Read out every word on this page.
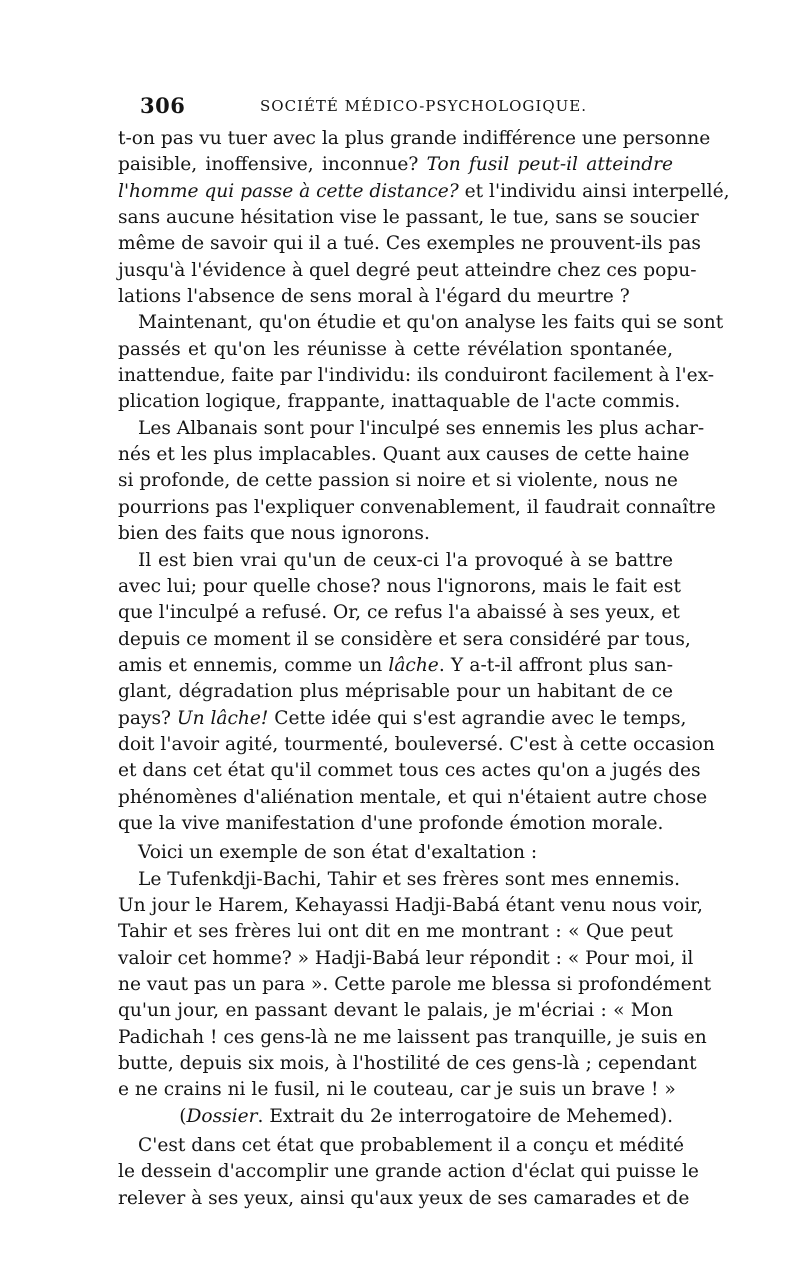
306	SOCIÉTÉ MÉDICO-PSYCHOLOGIQUE.
t-on pas vu tuer avec la plus grande indifférence une personne
paisible, inoffensive, inconnue? Ton fusil peut-il atteindre
l'homme qui passe à cette distance? et l'individu ainsi interpellé,
sans aucune hésitation vise le passant, le tue, sans se soucier
même de savoir qui il a tué. Ces exemples ne prouvent-ils pas
jusqu'à l'évidence à quel degré peut atteindre chez ces popu-
lations l'absence de sens moral à l'égard du meurtre ?
Maintenant, qu'on étudie et qu'on analyse les faits qui se sont
passés et qu'on les réunisse à cette révélation spontanée,
inattendue, faite par l'individu: ils conduiront facilement à l'ex-
plication logique, frappante, inattaquable de l'acte commis.
Les Albanais sont pour l'inculpé ses ennemis les plus achar-
nés et les plus implacables. Quant aux causes de cette haine
si profonde, de cette passion si noire et si violente, nous ne
pourrions pas l'expliquer convenablement, il faudrait connaître
bien des faits que nous ignorons.
Il est bien vrai qu'un de ceux-ci l'a provoqué à se battre
avec lui; pour quelle chose? nous l'ignorons, mais le fait est
que l'inculpé a refusé. Or, ce refus l'a abaissé à ses yeux, et
depuis ce moment il se considère et sera considéré par tous,
amis et ennemis, comme un lâche. Y a-t-il affront plus san-
glant, dégradation plus méprisable pour un habitant de ce
pays? Un lâche! Cette idée qui s'est agrandie avec le temps,
doit l'avoir agité, tourmenté, bouleversé. C'est à cette occasion
et dans cet état qu'il commet tous ces actes qu'on a jugés des
phénomènes d'aliénation mentale, et qui n'étaient autre chose
que la vive manifestation d'une profonde émotion morale.
Voici un exemple de son état d'exaltation :
Le Tufenkdji-Bachi, Tahir et ses frères sont mes ennemis.
Un jour le Harem, Kehayassi Hadji-Babá étant venu nous voir,
Tahir et ses frères lui ont dit en me montrant : « Que peut
valoir cet homme? » Hadji-Babá leur répondit : « Pour moi, il
ne vaut pas un para ». Cette parole me blessa si profondément
qu'un jour, en passant devant le palais, je m'écriai : « Mon
Padichah ! ces gens-là ne me laissent pas tranquille, je suis en
butte, depuis six mois, à l'hostilité de ces gens-là ; cependant
e ne crains ni le fusil, ni le couteau, car je suis un brave ! »
(Dossier. Extrait du 2e interrogatoire de Mehemed).
C'est dans cet état que probablement il a conçu et médité
le dessein d'accomplir une grande action d'éclat qui puisse le
relever à ses yeux, ainsi qu'aux yeux de ses camarades et de
